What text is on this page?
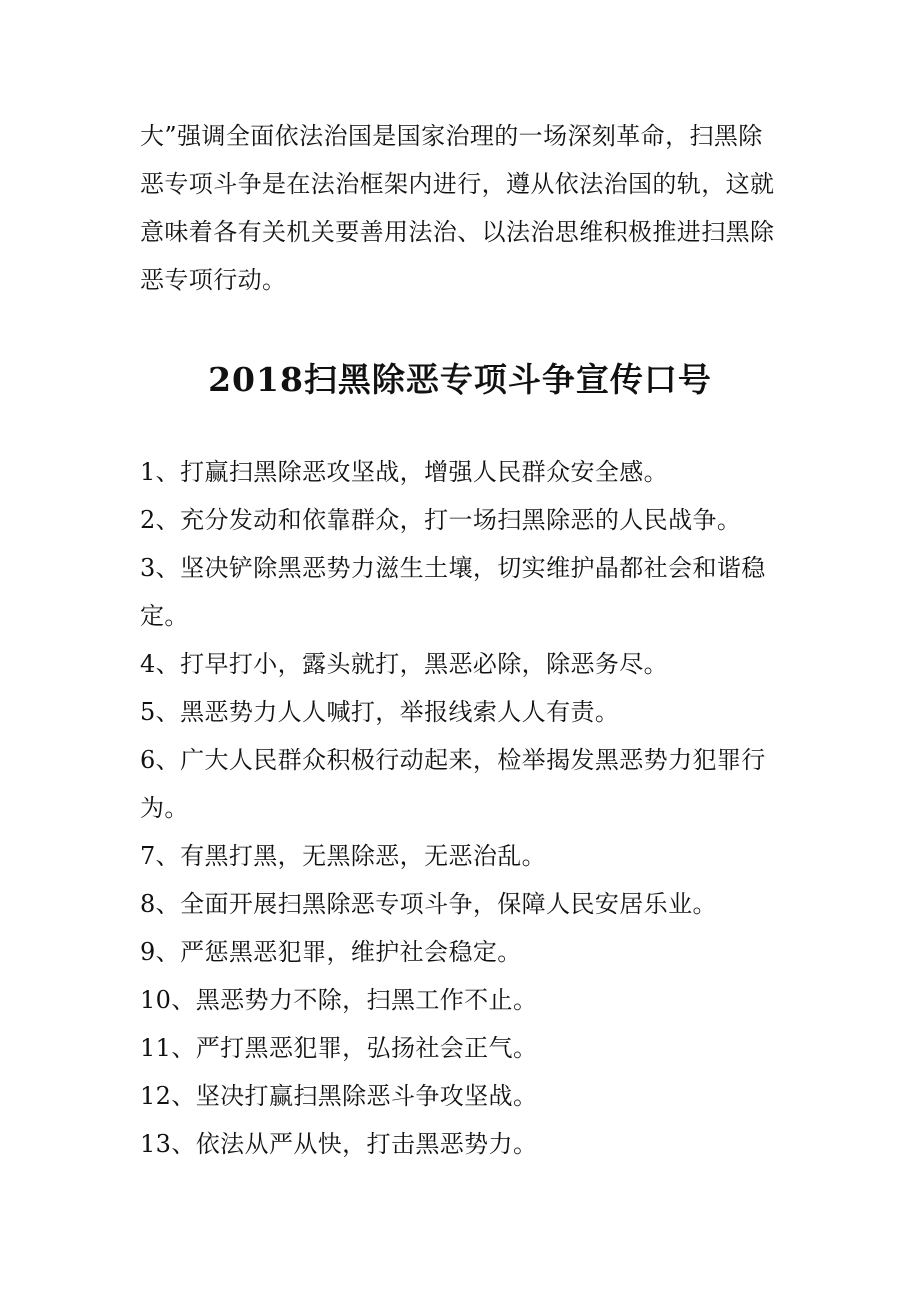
大”强调全面依法治国是国家治理的一场深刻革命，扫黑除
恶专项斗争是在法治框架内进行，遵从依法治国的轨，这就
意味着各有关机关要善用法治、以法治思维积极推进扫黑除
恶专项行动。
2018扫黑除恶专项斗争宣传口号
1、打赢扫黑除恶攻坚战，增强人民群众安全感。
2、充分发动和依靠群众，打一场扫黑除恶的人民战争。
3、坚决铲除黑恶势力滋生土壤，切实维护晶都社会和谐稳
定。
4、打早打小，露头就打，黑恶必除，除恶务尽。
5、黑恶势力人人喊打，举报线索人人有责。
6、广大人民群众积极行动起来，检举揭发黑恶势力犯罪行
为。
7、有黑打黑，无黑除恶，无恶治乱。
8、全面开展扫黑除恶专项斗争，保障人民安居乐业。
9、严惩黑恶犯罪，维护社会稳定。
10、黑恶势力不除，扫黑工作不止。
11、严打黑恶犯罪，弘扬社会正气。
12、坚决打赢扫黑除恶斗争攻坚战。
13、依法从严从快，打击黑恶势力。
